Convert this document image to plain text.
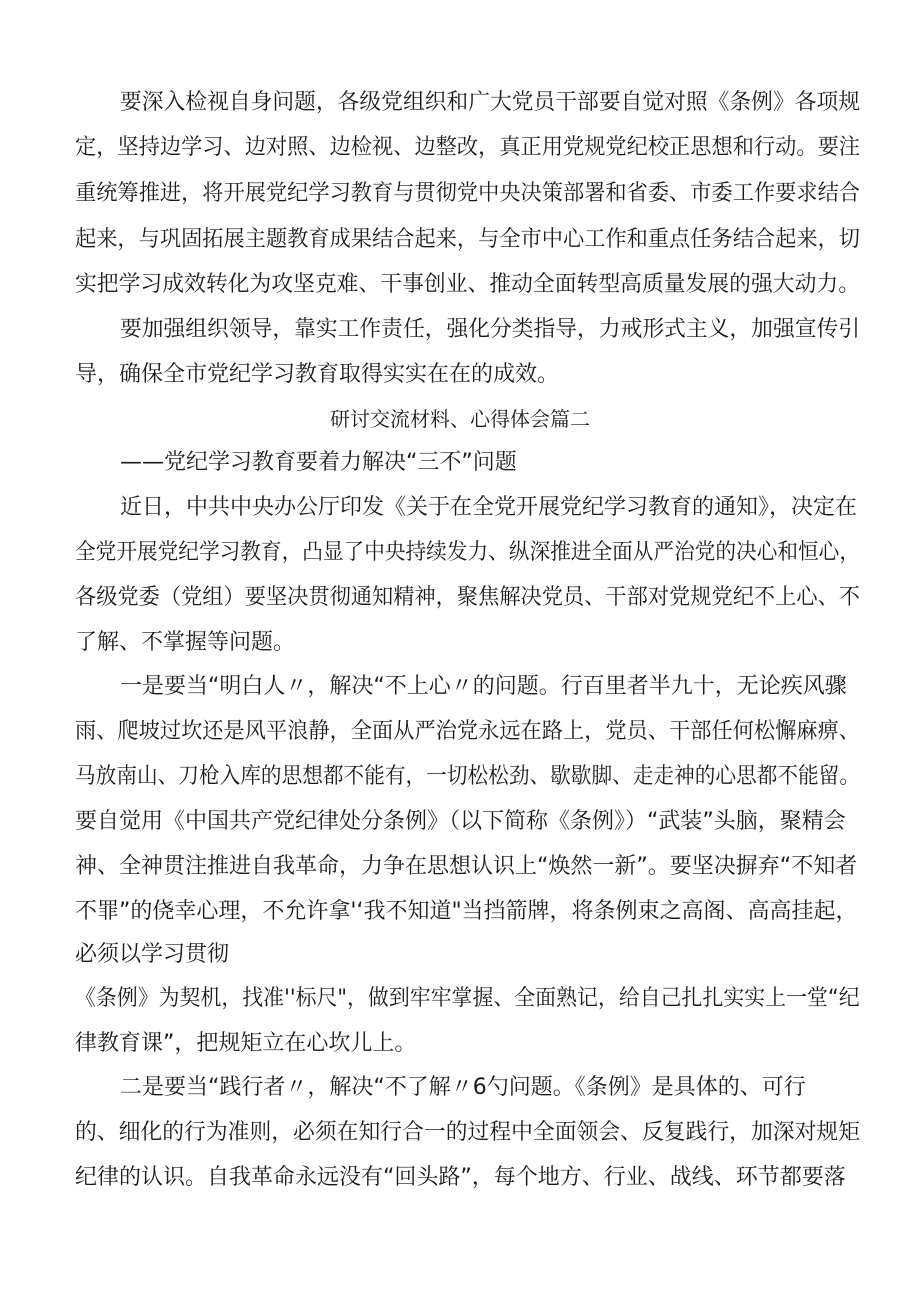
要深入检视自身问题，各级党组织和广大党员干部要自觉对照《条例》各项规
定，坚持边学习、边对照、边检视、边整改，真正用党规党纪校正思想和行动。要注
重统筹推进，将开展党纪学习教育与贯彻党中央决策部署和省委、市委工作要求结合
起来，与巩固拓展主题教育成果结合起来，与全市中心工作和重点任务结合起来，切
实把学习成效转化为攻坚克难、干事创业、推动全面转型高质量发展的强大动力。
要加强组织领导，靠实工作责任，强化分类指导，力戒形式主义，加强宣传引
导，确保全市党纪学习教育取得实实在在的成效。
研讨交流材料、心得体会篇二
——党纪学习教育要着力解决“三不”问题
近日，中共中央办公厅印发《关于在全党开展党纪学习教育的通知》，决定在
全党开展党纪学习教育，凸显了中央持续发力、纵深推进全面从严治党的决心和恒心，
各级党委（党组）要坚决贯彻通知精神，聚焦解决党员、干部对党规党纪不上心、不
了解、不掌握等问题。
一是要当“明白人〃，解决“不上心〃的问题。行百里者半九十，无论疾风骤
雨、爬坡过坎还是风平浪静，全面从严治党永远在路上，党员、干部任何松懈麻痹、
马放南山、刀枪入库的思想都不能有，一切松松劲、歇歇脚、走走神的心思都不能留。
要自觉用《中国共产党纪律处分条例》（以下简称《条例》）“武装”头脑，聚精会
神、全神贯注推进自我革命，力争在思想认识上“焕然一新”。要坚决摒弃“不知者
不罪”的侥幸心理，不允许拿'‘我不知道"当挡箭牌，将条例束之高阁、高高挂起，
必须以学习贯彻
《条例》为契机，找准''标尺"，做到牢牢掌握、全面熟记，给自己扎扎实实上一堂“纪
律教育课”，把规矩立在心坎儿上。
二是要当“践行者〃，解决“不了解〃6勺问题。《条例》是具体的、可行
的、细化的行为准则，必须在知行合一的过程中全面领会、反复践行，加深对规矩
纪律的认识。自我革命永远没有“回头路”，每个地方、行业、战线、环节都要落
